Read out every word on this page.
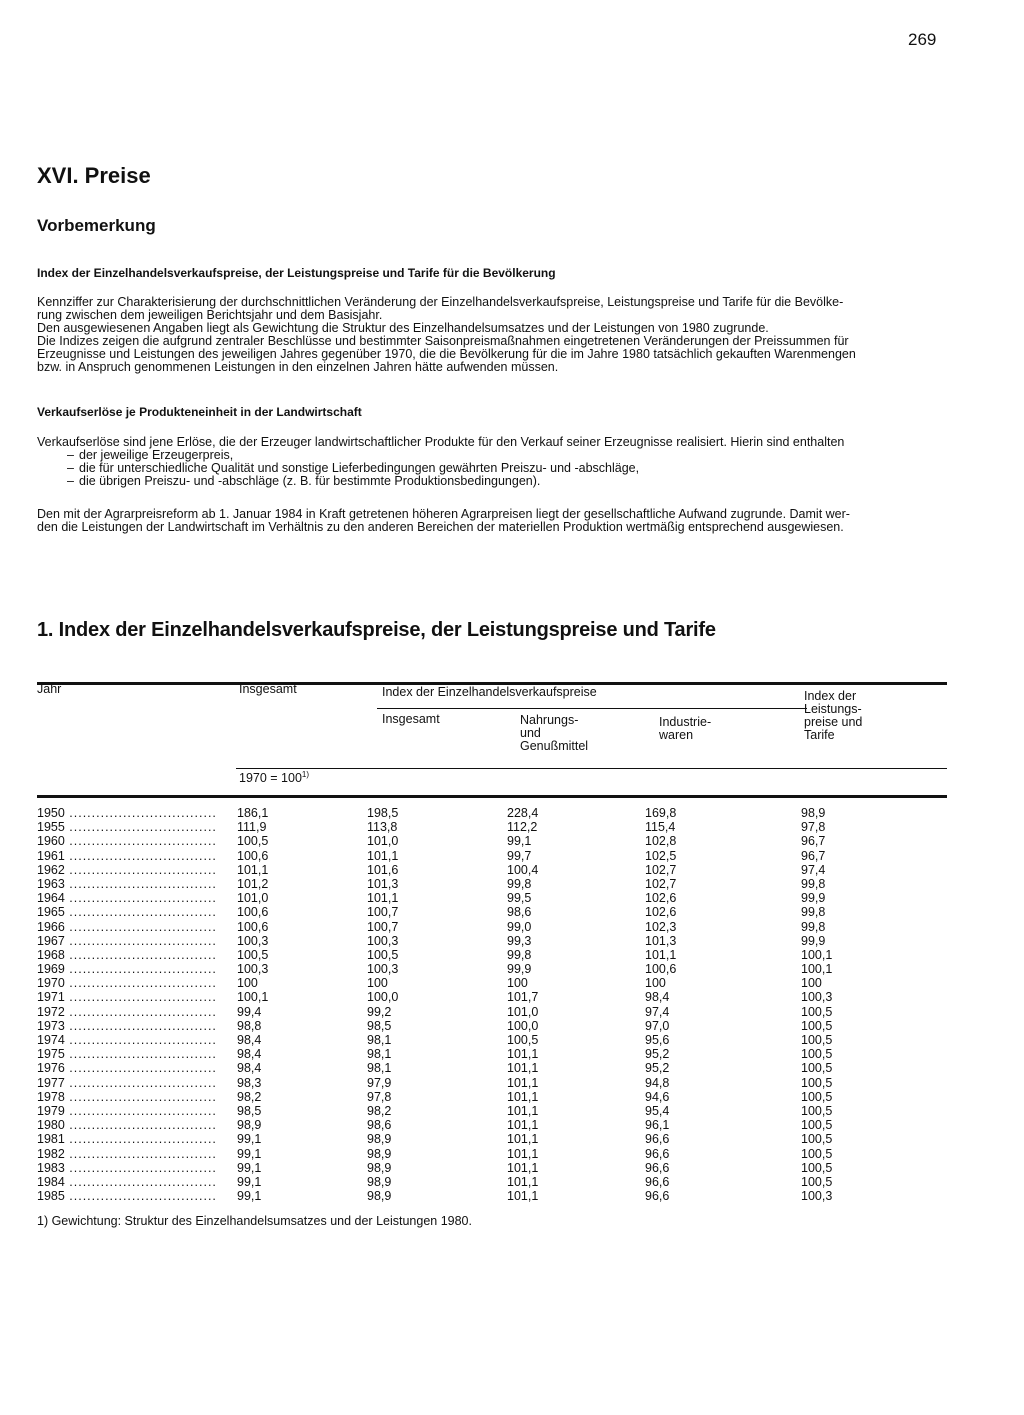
269
XVI. Preise
Vorbemerkung
Index der Einzelhandelsverkaufspreise, der Leistungspreise und Tarife für die Bevölkerung
Kennziffer zur Charakterisierung der durchschnittlichen Veränderung der Einzelhandelsverkaufspreise, Leistungspreise und Tarife für die Bevölke-
rung zwischen dem jeweiligen Berichtsjahr und dem Basisjahr.
Den ausgewiesenen Angaben liegt als Gewichtung die Struktur des Einzelhandelsumsatzes und der Leistungen von 1980 zugrunde.
Die Indizes zeigen die aufgrund zentraler Beschlüsse und bestimmter Saisonpreismaßnahmen eingetretenen Veränderungen der Preissummen für
Erzeugnisse und Leistungen des jeweiligen Jahres gegenüber 1970, die die Bevölkerung für die im Jahre 1980 tatsächlich gekauften Warenmengen
bzw. in Anspruch genommenen Leistungen in den einzelnen Jahren hätte aufwenden müssen.
Verkaufserlöse je Produkteneinheit in der Landwirtschaft
Verkaufserlöse sind jene Erlöse, die der Erzeuger landwirtschaftlicher Produkte für den Verkauf seiner Erzeugnisse realisiert. Hierin sind enthalten
– der jeweilige Erzeugerpreis,
– die für unterschiedliche Qualität und sonstige Lieferbedingungen gewährten Preiszu- und -abschläge,
– die übrigen Preiszu- und -abschläge (z. B. für bestimmte Produktionsbedingungen).
Den mit der Agrarpreisreform ab 1. Januar 1984 in Kraft getretenen höheren Agrarpreisen liegt der gesellschaftliche Aufwand zugrunde. Damit wer-
den die Leistungen der Landwirtschaft im Verhältnis zu den anderen Bereichen der materiellen Produktion wertmäßig entsprechend ausgewiesen.
1. Index der Einzelhandelsverkaufspreise, der Leistungspreise und Tarife
Jahr	Insgesamt	Index der Einzelhandelsverkaufspreise
Insgesamt	Nahrungs-
und
Genußmittel
Industrie-
waren
Index der
Leistungs-
preise und
Tarife
$1970 = 100^{1)}$
1950 .....	186,1	198,5	228,4	169,8	98,9
1955 .....	111,9	113,8	112,2	115,4	97,8
1960 .....	100,5	101,0	99,1	102,8	96,7
1961 .....	100,6	101,1	99,7	102,5	96,7
1962 .....	101,1	101,6	100,4	102,7	97,4
1963 .....	101,2	101,3	99,8	102,7	99,8
1964 .....	101,0	101,1	99,5	102,6	99,9
1965 .....	100,6	100,7	98,6	102,6	99,8
1966 .....	100,6	100,7	99,0	102,3	99,8
1967 .....	100,3	100,3	99,3	101,3	99,9
1968 .....	100,5	100,5	99,8	101,1	100,1
1969 .....	100,3	100,3	99,9	100,6	100,1
1970 .....	100	100	100	100	100
1971 .....	100,1	100,0	101,7	98,4	100,3
1972 .....	99,4	99,2	101,0	97,4	100,5
1973 .....	98,8	98,5	100,0	97,0	100,5
1974 .....	98,4	98,1	100,5	95,6	100,5
1975 .....	98,4	98,1	101,1	95,2	100,5
1976 .....	98,4	98,1	101,1	95,2	100,5
1977 .....	98,3	97,9	101,1	94,8	100,5
1978 .....	98,2	97,8	101,1	94,6	100,5
1979 .....	98,5	98,2	101,1	95,4	100,5
1980 .....	98,9	98,6	101,1	96,1	100,5
1981 .....	99,1	98,9	101,1	96,6	100,5
1982 .....	99,1	98,9	101,1	96,6	100,5
1983 .....	99,1	98,9	101,1	96,6	100,5
1984 .....	99,1	98,9	101,1	96,6	100,5
1985 .....	99,1	98,9	101,1	96,6	100,3
1) Gewichtung: Struktur des Einzelhandelsumsatzes und der Leistungen 1980.
